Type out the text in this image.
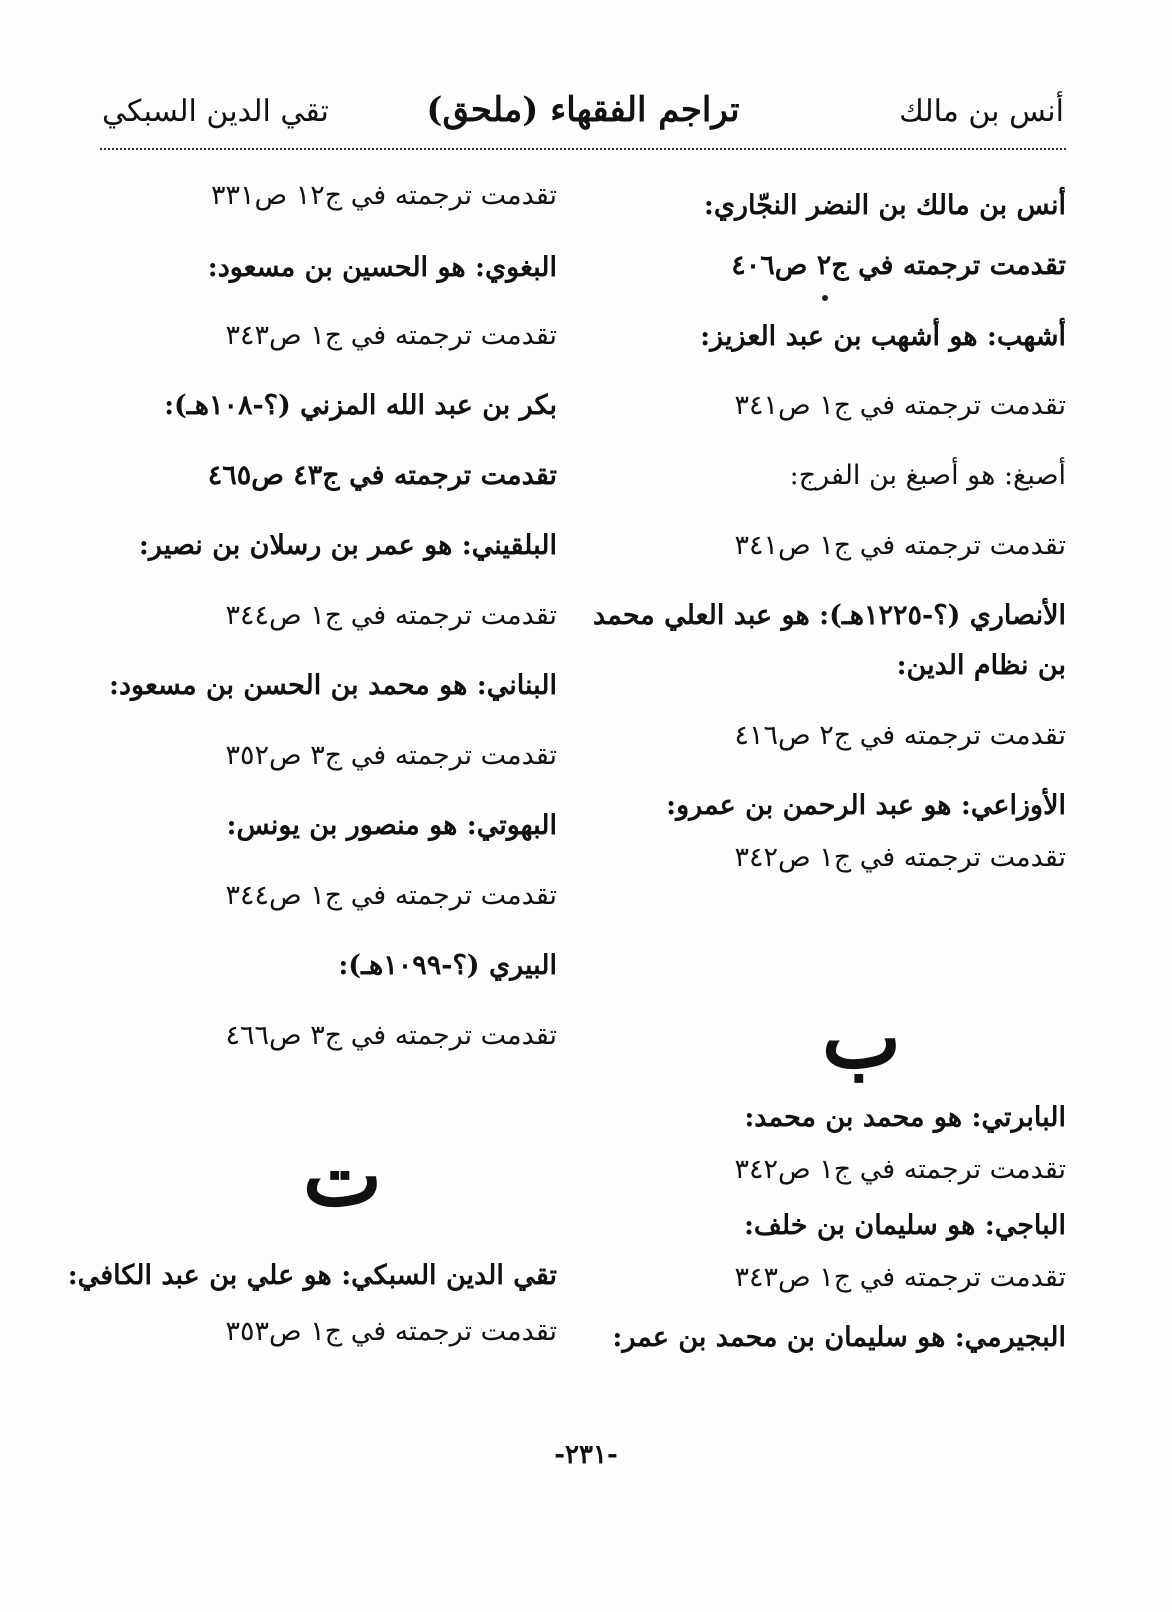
أنس بن مالك
(ملحق) تراجم الفقهاء
تقي الدين السبكي
أنس بن مالك بن النضر النجّاري:
تقدمت ترجمته في ج٢ ص٤٠٦
أشهب: هو أشهب بن عبد العزيز:
تقدمت ترجمته في ج١ ص٣٤١
أصبغ: هو أصبغ بن الفرج:
تقدمت ترجمته في ج١ ص٣٤١
الأنصاري (؟-١٢٢٥هـ): هو عبد العلي محمد
بن نظام الدين:
تقدمت ترجمته في ج٢ ص٤١٦
الأوزاعي: هو عبد الرحمن بن عمرو:
تقدمت ترجمته في ج١ ص٣٤٢
ب
البابرتي: هو محمد بن محمد:
تقدمت ترجمته في ج١ ص٣٤٢
الباجي: هو سليمان بن خلف:
تقدمت ترجمته في ج١ ص٣٤٣
البجيرمي: هو سليمان بن محمد بن عمر:
تقدمت ترجمته في ج١٢ ص٣٣١
البغوي: هو الحسين بن مسعود:
تقدمت ترجمته في ج١ ص٣٤٣
بكر بن عبد الله المزني (؟-١٠٨هـ):
تقدمت ترجمته في ج٤٣ ص٤٦٥
البلقيني: هو عمر بن رسلان بن نصير:
تقدمت ترجمته في ج١ ص٣٤٤
البناني: هو محمد بن الحسن بن مسعود:
تقدمت ترجمته في ج٣ ص٣٥٢
البهوتي: هو منصور بن يونس:
تقدمت ترجمته في ج١ ص٣٤٤
البيري (؟-١٠٩٩هـ):
تقدمت ترجمته في ج٣ ص٤٦٦
ت
تقي الدين السبكي: هو علي بن عبد الكافي:
تقدمت ترجمته في ج١ ص٣٥٣
-٢٣١-
